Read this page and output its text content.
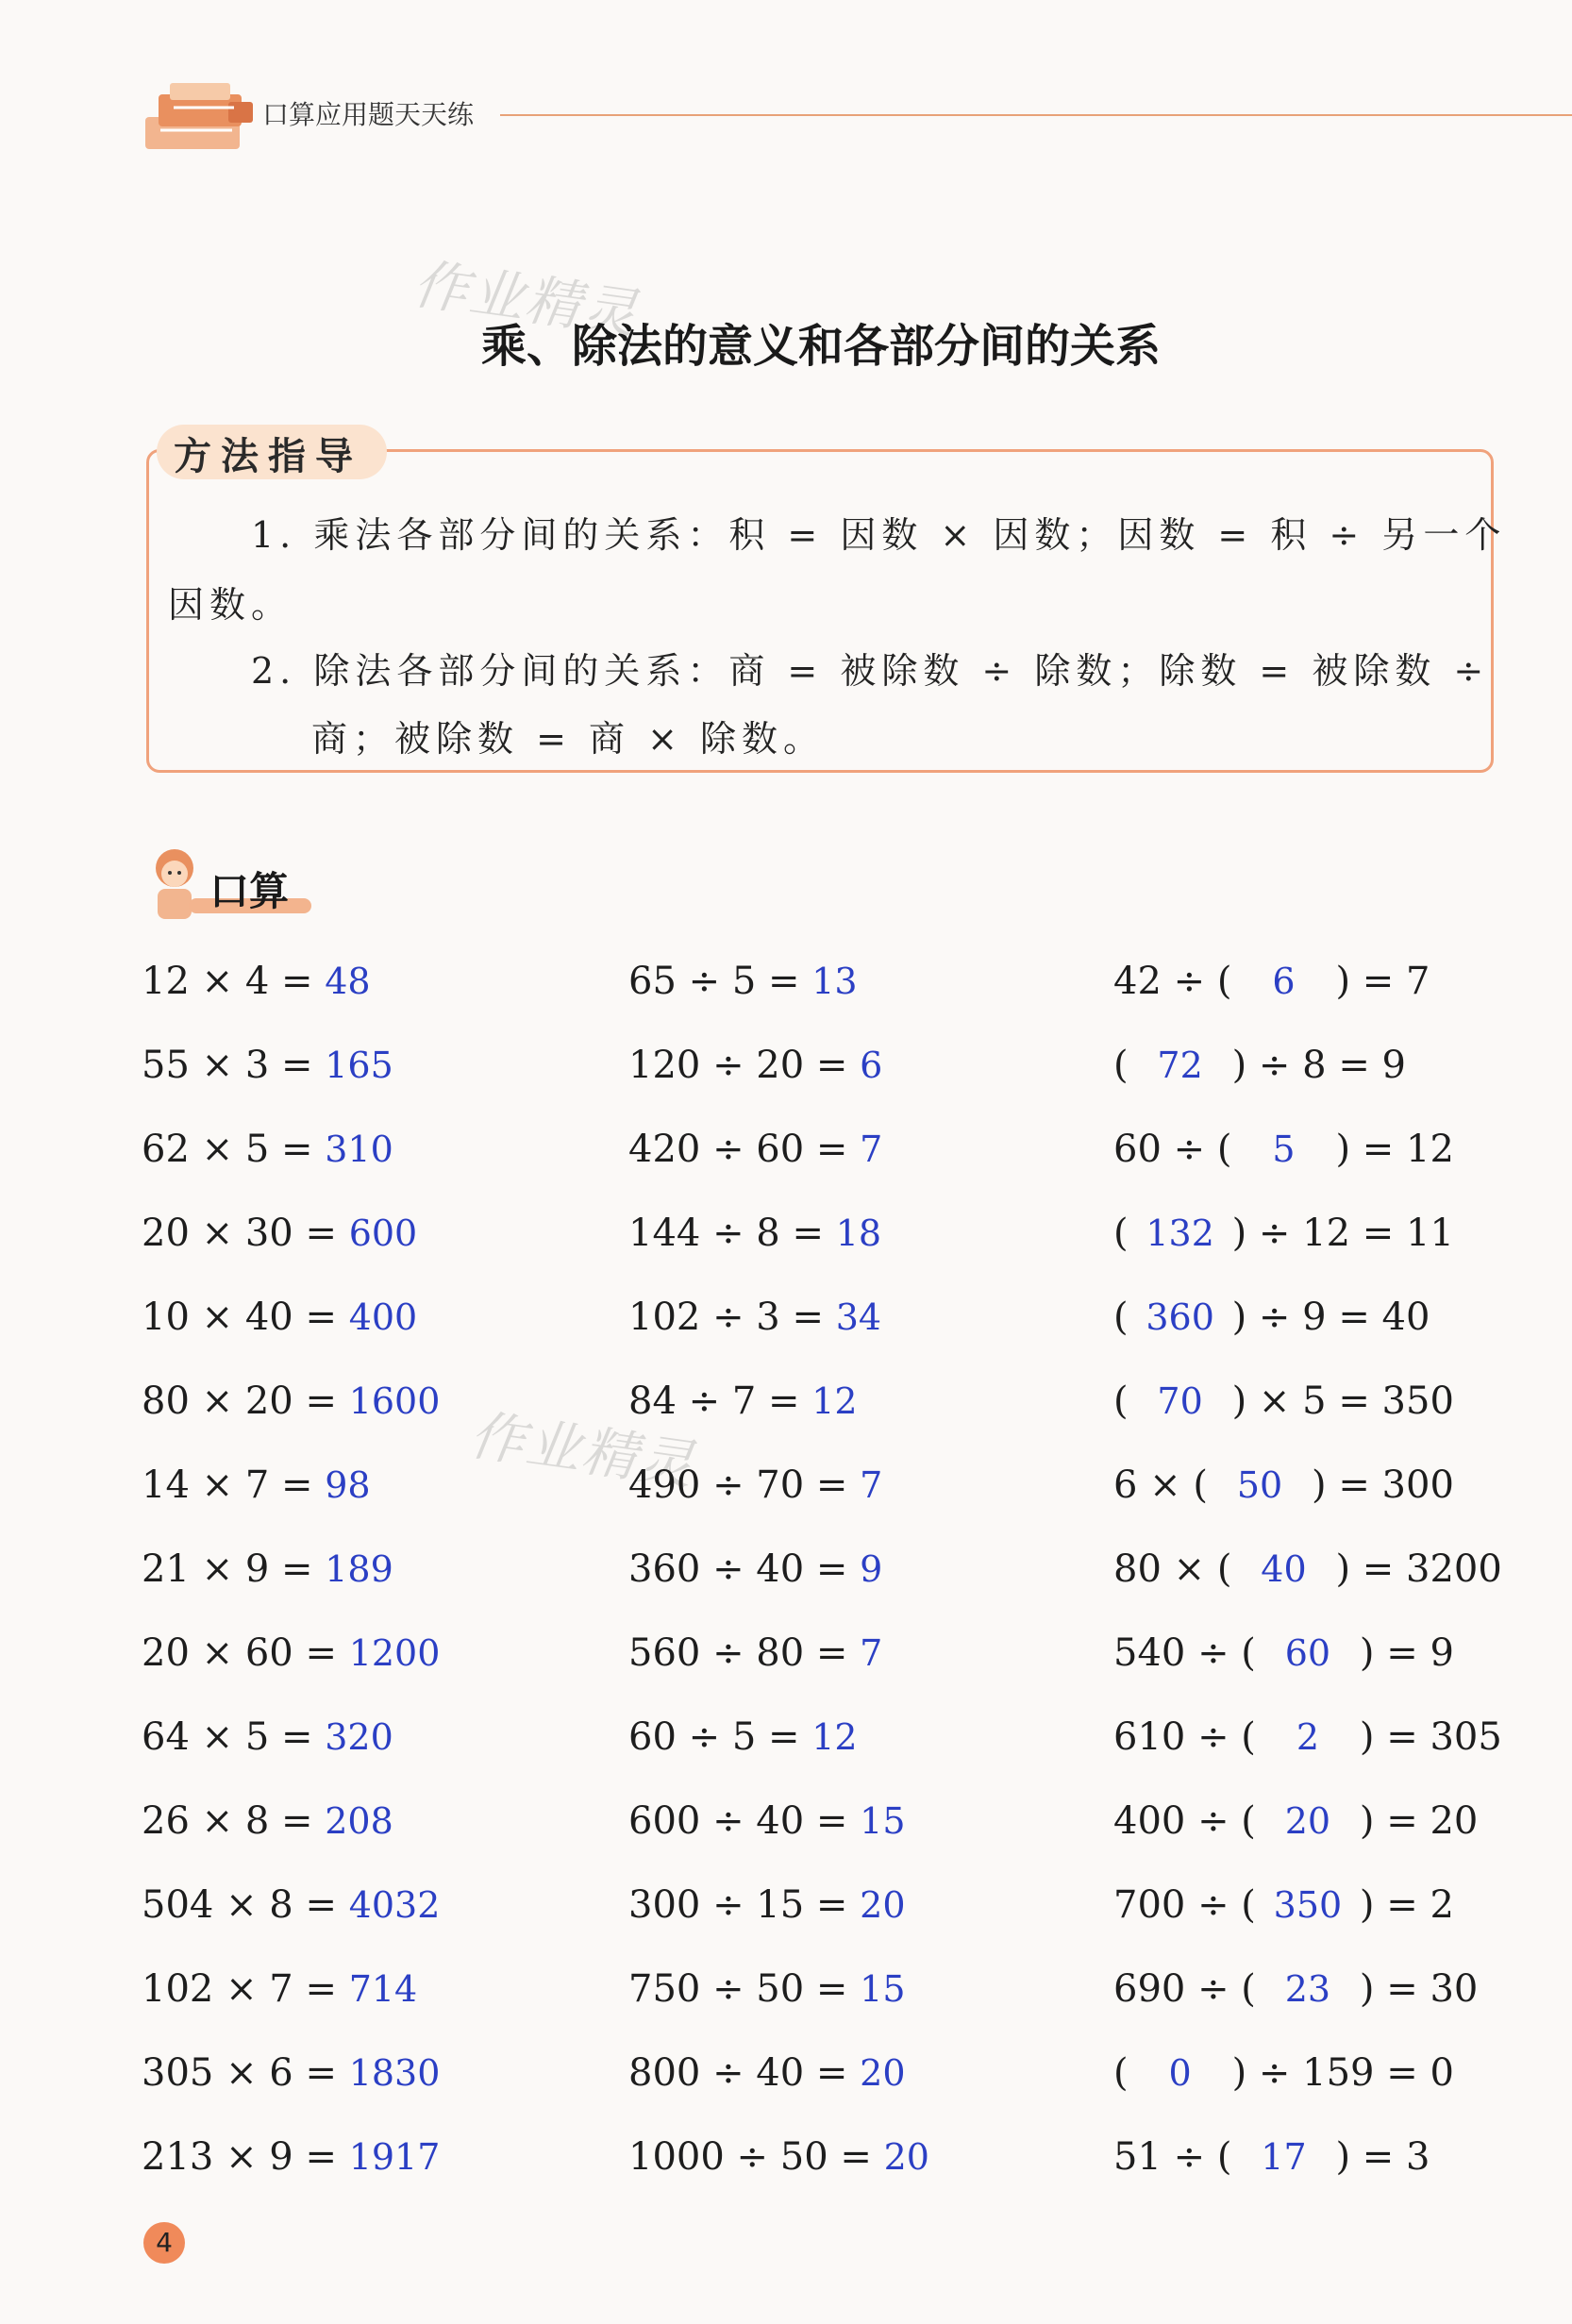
口算应用题天天练
作业精灵
作业精灵
乘、除法的意义和各部分间的关系
方法指导
1. 乘法各部分间的关系：积 = 因数 × 因数；因数 = 积 ÷ 另一个
因数。
2. 除法各部分间的关系：商 = 被除数 ÷ 除数；除数 = 被除数 ÷
商；被除数 = 商 × 除数。
口算
12 × 4 = 48
55 × 3 = 165
62 × 5 = 310
20 × 30 = 600
10 × 40 = 400
80 × 20 = 1600
14 × 7 = 98
21 × 9 = 189
20 × 60 = 1200
64 × 5 = 320
26 × 8 = 208
504 × 8 = 4032
102 × 7 = 714
305 × 6 = 1830
213 × 9 = 1917
65 ÷ 5 = 13
120 ÷ 20 = 6
420 ÷ 60 = 7
144 ÷ 8 = 18
102 ÷ 3 = 34
84 ÷ 7 = 12
490 ÷ 70 = 7
360 ÷ 40 = 9
560 ÷ 80 = 7
60 ÷ 5 = 12
600 ÷ 40 = 15
300 ÷ 15 = 20
750 ÷ 50 = 15
800 ÷ 40 = 20
1000 ÷ 50 = 20
42 ÷ ( 6 ) = 7
( 72 ) ÷ 8 = 9
60 ÷ ( 5 ) = 12
( 132 ) ÷ 12 = 11
( 360 ) ÷ 9 = 40
( 70 ) × 5 = 350
6 × ( 50 ) = 300
80 × ( 40 ) = 3200
540 ÷ ( 60 ) = 9
610 ÷ ( 2 ) = 305
400 ÷ ( 20 ) = 20
700 ÷ ( 350 ) = 2
690 ÷ ( 23 ) = 30
( 0 ) ÷ 159 = 0
51 ÷ ( 17 ) = 3
4
